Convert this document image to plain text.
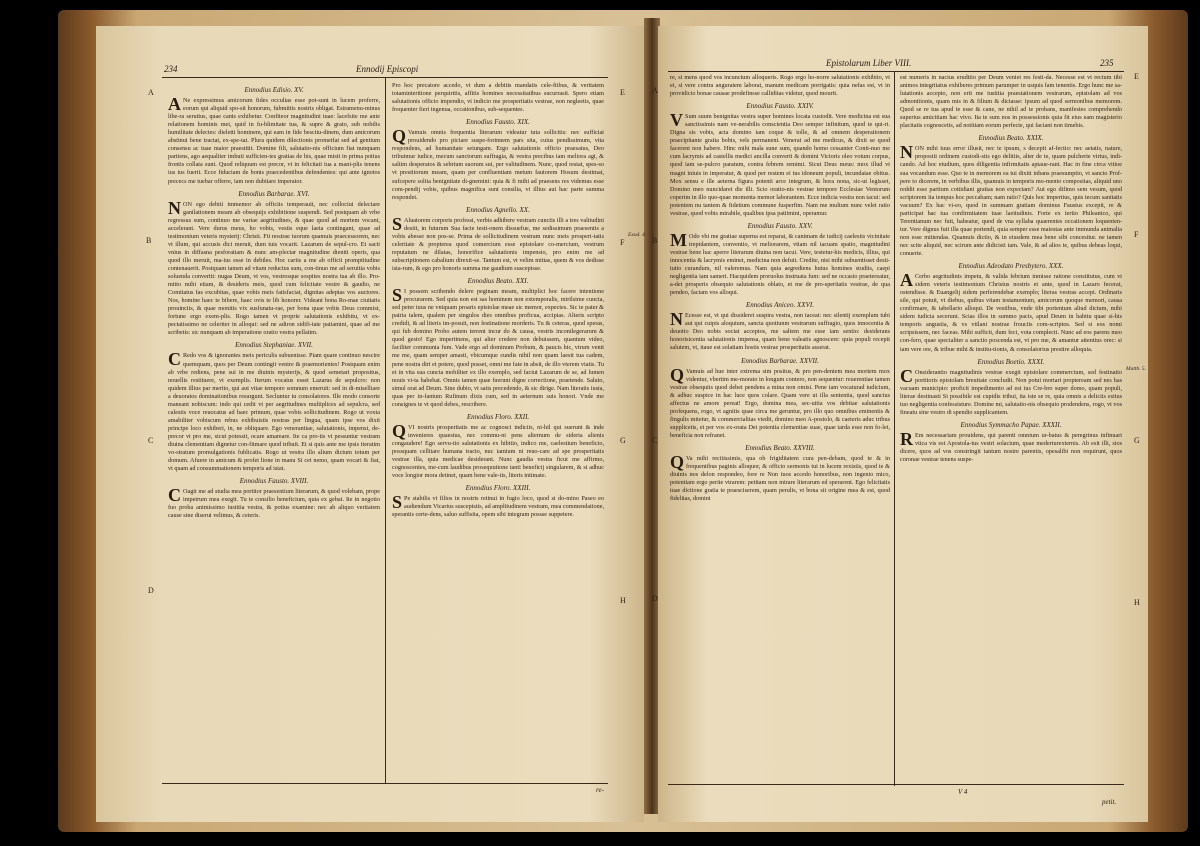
234	Ennodij Episcopi
re-
A
B
C
D
E
F
G
H

Ennodius Edisio. XV.

A Ne expressimus amicorum fides occultas esse pot-sunt in lucem proferre, eorum qui aliquid spo-sit honorum, fubmittis nostris obligat. Estramenu-minus libe-ra seruitus, quae cants exhibetur. Confiteor magnitudini tuae: lacefsite me ante relationem hominis mei, quid in fu-blimitate tua, & supre & grato, sub nobilis humilitate delectes: dieletti hominem, qui eam in fide bescitu-dinem, dum amicorum abstinui bene tractat, ex-spe-tat. Plura quidem dilectionis prometfat sed ad gentium consensu ac tuae maior praestitit. Domine fili, salutatio-nis officium fiat nunquam partiens, ago aequaliter imbuti sufficien-tes gratias de his, quae misti in prima potius frontis collata sunt. Quod reliquum est precor, vt in felicitati tua a mani-plis tenens ius ius fuerit. Ecce fiduciam de bonis praecedentibus defendentes: qui ante ignotos prececs me tuebar offerre, iam non dubitare imperator.

Ennodius Barbarae. XVI.

NON ego debiti immemor ab officiis temperauit, nec collociui delectare ganilationem meam ab obsequijs exhibitione suspendi. Sed postquam ab vrbe regressus sum, continuo me variae aegritudines, & quae quod ad mortem vocant, accelerant. Vere durus meus, ho vobis, vestis eque laeta contingant, quae ad testimonium veteris mysterij: Christi. Fit nostrae tuorum quamuis praecessorem, nec vt illum, qui accusis dici meruit, dum tuis vocarit. Lazarum de sepul-cro. Et sacti vnius in diffasna pesforatiam & nunc am-plectar magnitudine dieniti operis, qua quod illo meruit, ma-ius esse in debiles. Hoc cariis a me ab officii promptitudine contenauerit. Postquam tamen ad vitam reductus sum, con-tinuo me ad seruitia vobis soluenda convertit: nugas Deum, vt vos, vestrosque sospites nostra tua ab illo. Pro-mitto mihi etiam, & desideris meis, quod cum felicitate vestre & gaudio, ne Comitatus fas excubitas, quae vobis meis fatisfaciat, dignitas adeptas vos auctores. Nos, homine haec te bibere, haec ovis te lib honorer. Videant bona Ro-mae ciuitatis prouinciis, & quae monitis vix susfunatu-rae, per bona quae vobis Deus commist, fortune ergo exem-plis. Rogo tamen vt proprie salutationis exhibitu, vt ex-pectatissimo ne celeriter in alloqui: sed ne adiron sidifi-tate patiamini, quae ad me scribetis: sic nunquam ab imperatione oratio vestra pellatim.

Ennodius Stephaniae. XVII.

C Redo vos & ignorantes meis periculis subuenisse. Piam quare continuo nescire quemquam, quos per Deum contingit venire & praemorientes! Postquam enim ab vrbe rediens, pene sui in me diuinis mysterijs, & quod semetari propositus, nouellis restituere, vt exemplis. Iterum vocatus esset Lazarus de sepulcro: non quidem illius par merito, qui aut vitae tempore somnum emeruit: sed in di-miselliare a deuoratos dominationibus resurgunt. Secluntur tu consolatores. Ille modo consorte maneant nobiscum: indo qui cedit vt per aegritudines multiplices ad sepulcra, sed calestis voce reuocatus ad haec primum, quae vobis sollicitudinem. Rogo ut voxta amabiliter vobiscum rebus exhibuistis nostras per lingua, quam ipse vos dixit principe loco exhiberi, in, ne obliquare. Ego venerantiae, salutationis, impensi, de-precor vt pro me, sicut potessit, ocare amareare. Ite ca pro-tis vt pessuntur vestram diuina clementiam dignetur con-fitmare quod tribuit. Et si quis ante me ipsis iteratim vo-stratum promulgationis fublicatis. Rogo ut vestra illo alium dictum totum per domum. Afuere in amicum & profet lione in manu Si cet nemo, quam vocari & fiat, vt quam ad consummationem temporis ad istat.

Ennodius Fausto. XVIII.

C Oagit me ad studia mea portitor praesentium literarum, & quod volebam, prope impetrum mea exegit. Tu te consilio beneficium, quia ex gebat. Ite in negotio fuo proba animissimo iustitia vestra, & potius examine: nec ab aliquo veritatem cause sine diserui velimus, & ceteris.

Pro hoc precatore accedo, vt dum a debitis mandatis cele-ftibus, & veritatem totaminteritione perquiritis, affitis homines necessitatibus sucurrasit. Spero etiam salutationis officio impendio, vt indicio me prosperitatis vestrae, non negleetis, quae frequenter fieri ingenua, occationibus, sub-sequentes.

Ennodius Fausto. XIX.

Q Vamuis omnis frequentia literarum videatur tuta sollicitis: nec sufficiat prouidendo pro piciare suspe-forinnem pars sita, cuius pendissimum, vita respondens, ad humanitate seiungam. Ergo salutationis officio praesatus, Deo tribuimur iudice, mecum sanctorum suffragia, & vestra precibus iam meliora agi, & saltim desperatos & sebrium suorum sui, per valitudinem. Nunc, quod restat, spes-so vt prestitorum meam, quam per confluentiam metum fautorem Hosum destimat, sufcepere solita benignitate di-gnemini: quia & fi mihi ad praesens res videmus esse com-pendij vobis, quibus magnifica sunt consilia, vi illius aut hac parte summa respondet.

Ennodius Agnello. XX.

S Aluatorem corporis professi, verbis adhibere vestram cunctis illi a tres valitudini desiit, in futurum Sua facte testi-onem dissuefue, me sedissimum praesentis a vobis abesse non pos-se. Prima de sollicitudinem vestram nunc meis prosperi-tatis celeritate & propterea quod comercium esse epistolare co-mercium, vestrum reputatum ne dilatas, honorifice salutationis impensio, pro enim me ad subscriptionem cabalium direxit-se. Tantum est, vt velim mittas, quem & vos dedisse ista-rum, & ego pro honoris summa me gaudium suscepisse.

Ennodius Beato. XXI.

S I possem scribendo delere peginam meam, multiplici hoc facere intentione procurarem. Sed quia non est sas hominem non extemporalis, mirilsime cuncta, sed peter tuus ne vniquam proaris epistolae meae sic memor, expectes. Sic te pater & patria talem, qualem per singulos dies omnibus proficua, accipias. Alteris scripto credidi, & ad literis im-posuit, non festinatione morderis. Tu & ceteras, quod speras, qui fub domino Probo autem terrent incur do & causa, vestris incontlegerarum & quod gesto! Ego impertinens, qui alter credere non debuissem, quantum video, faciliter communia fum. Vade ergo ad dominum Probum, & paucis hic, vtrum venit me me, quam semper amasti, vbicumque cundis nihil non quam laesit tua cadem, pene nostra diri et potere, quod posset, omni me fate in absit, de illo vterem viatis. Tu et in vita sua cuncta mobiliter ex illo exemplo, sed faciut Lazarum de se, ad lumen nouis vi-ta habebat. Omnis tamen quae fuerunt digne correctione, praetende. Saluto, simul orat ad Deum. Sine dubio, vt satis precedendo, & sic dirige. Nam literatis iusta, quas per in-fantum Rufinum dixis cum, sed in aeternum suis honori. Vnde me consignes te vt quod debes, rescribere.

Ennodius Floro. XXII.

QVI nostris prosperitatis me ac cognosci indiciis, ni-hil qui suerunt & inde invenieres quaestus, nec commu-ni pens alternum de sideria alienis congaudere! Ego servu-tio salutationis ex hibitio, indico me, caelestium beneficio, possquam cellitare humana tracto, nuc iamium ni reuo-care ad spe prosperitatis vestrae illa, quia medicae desiderant. Nunc gaudia vestra ficut me affirmo, cognoscentes, me-cum laudibus prosequutione tanti beneficij singularem, & si adhuc voce longior mora detinet, quam bene vale-tis, literis intimate.

Ennodius Floro. XXIII.

S Pe stabilis vt filios in nostris retinui in fugio loco, quod si do-mino Paseo eo audiendum Vicarius suscepistis, ad amplitudinem vestram, mea commendatione, sperantis certe-dens, saluo suffisita, opem sibi integram possse suppetere.

Epistolarum Liber VIII.	235
V 4
petit.
A
B
C
D
E
F
G
H
Exod. 4.
Matth. 5.

re, si mens quod vos incunctum alloqueris. Rogo ergo ho-norre salutationis exhibito, vt ei, si vere contra anguratem laborat, manum medicam porrigatis: quia nefas est, vt in providicio bonae causae prodefinsse calliditas videtur, quod mourit.

Ennodius Fausto. XXIV.

V Sum suum benignitas vestra super homines locata custodit. Vere medicina est sua sanctissimis nam ve-nerabilis conscientia Deo semper infinitum, quod te qui-ri. Digna sis vobis, acta domino iam coque & tolle, & ad omnem desperationem praecipitante gratia bobis, vels permanent. Venerat ad me medicus, & dixit se quod facerent non habere. Hinc mihi mala sune sum, quando homo cessanter Conti-nuo me cum lacrymis ad castellis medici ancilla converti & domini Victoris oleo votum corpus, quod iam se-pulcro paratum, contra febrem remimi. Sicut Deus meus: mox illud vt magni iniuis in imperatur, & quod per restem ei tus idoneum populi, incundatae obitus. Mox sensu e ille aeterna figura potenti arce integrum, & hora nona, sic-ut legisset, Domino meo nuncidaret die illi. Scio oratio-nis vestrae tempore Ecclesiae Ventorum coperim in illo quo-quae momenta memor laborantem. Ecce indicia vestra non tacui: sed potentem nu tantem & fidetium commune fusperfim. Nam me multum nunc velet ratio vestrae, quod vobis mirabile, qualibus ipsa patiimini, operamur.

Ennodius Fausto. XXV.

M Odo vbi me gratiae superna est reparat, & canimam de iudicij caelestis vicinitate trepidantem, conventio, vt meliorarem, vtiam nil iacuam spatio, magnitudini vestrae bene hac aperre literarum diuina non tacui. Vere, testetur-his medicis, illius, qui innocentia & lacrymis eminet, medicina non defuit. Credite, nisi mihi subuentisset desti-tutio curandum, nil valeremus. Nam quia aegrediens huius homines studiis, caepi negligentia iam sameri. Hacquidem proruolus instruata fum: sed ne occasio praetereatur, a-det prosperis obsequio salutationis oblato, et me de pro-speritatis vestrae, de qua pendeo, faciam vos alloqui.

Ennodius Aniceo. XXVI.

N Ecesse est, vt qui dissideret suspira vestra, non taceat: nec silentij exemplum tubi aut qui cuipis aloquium, sancta quotiunm vestrarum suffragio, quos innocentia & deuotio Deo nobis sociat acceptos, me saltem me esse iam sentio: desiderans honorisicentia salutationis impensa, quam bene valeatis agnoscere: quia populi recepit salutem, vt, itaue est solatiam hostis vestrae prosperitatis asserat.

Ennodius Barbarae. XXVII.

Q Vamuis ad hue inter extrema sim positus, & pro pen-dentem mea mortem mox videntur, vbertim me-morato in longum contero, non sequentur: reuerentiae tamen vestrae obsequiis quod debet pendens a mina non omisi. Pene iam vocaturad iudicium, & adhuc suspice in hac luce quos colare. Quam vere ut illa sententia, quod sanctus affectus ne amore pereat! Ergo, domina mea, sec-uitia vos debitae salutationis profequens, rogo, vt agnitis quae circa me geruntur, pro illo quo omnibus eminentis & fingulis mitetur, & commercialitas viedit, domino meo A-postolo, & caeteris aduc tribus supplicetis, et per vos ex-orata Dei potentia clementiae suae, quae tarda esse non fo-let, beneficia non refranet.

Ennodius Beato. XXVIII.

Q Va mihi recitissimis, qua ob frigiditatem cura pen-debam, quod te & in frequentibus paginis alloquor, & officio sermonis tui in lucem rexistis, quod te & diuinis nos delon respondeo, fore re Non tuos accedo honoribus, non ingenio mico, potentiam ergo perite vtrarem: petitam non mirare literarum ed sperarent. Ego felicitatis tuae dictione gratia te praesciserem, quam perulis, vt bona sit origine mea & est, quod fidelitas, domini

est numeris in nacius eruditio per Deum veniet res festi-da. Necesse est vt rectum tibi animos integritatus exhiberes primum parumper in usquis fam tenentis. Ergo hunc me sa-lutationis accepto, non erit me iustitia praestationem vestrarum, epistolam ad vos admonitionis, quam mis in & filium & dictasse: ipsum ad quod sermonibus memorem. Quod se re tua apud te esse & cane, ne nihil ad te probans, manifestes comprehendo superius amicitiam hac vivo. Ita te sum nos in possessionis quia fit eius eam magisterio placitatis cognoscetis, ad notitiam eorum perfecte, qui faciant non timebis.

Ennodius Beato. XXIX.

NON mihi tuus error illusit, nec te ipsum, s decepit af-fectio: nec aetatis, nature, propositi ordinem custodi-stis ego delitiis, alter de te, quam pulcherte virtus, indi-cando. Ad hoc etudium, quos diligentia infirmitatis aptaue-rant. Hac in fine circa vitioe sua vocandum esse. Quo te in memorem ea tui dixitt inbans praesumptio, vt sancto Prof-pere to dicerem, in verbibus illis, quamuis in temporis mo-mento compositas, aliquid uno reddit esse partium cottidiani gratias non expectam? Aut ego difimo sem vesum, quod scriptorem ita tempus hoc peccabam; nam ratio? Quis hoc imperitus, quis tecum sanitatis vacuum? Ex hac vi-eo, quod in summam gratiam dominus Faustus excepit, re & participat hac tua confirmitatem tuae laeitudinis. Forte ex tertio Phileanico, qui Terentianum nec fuit, habeatur, quod de vna syllaba quaerentes occationem loquenten-tur. Vere dignus fuit illa quae portendi, quia semper esse maiestas ante immunda animalia non esse mittendas. Quamuis dictio, & in eiusdem mea bene sibi concesitur. ne tamen nec scite aliquid, nec scirum ante didicisti tam. Vale, & ad alios te, quibus debeas loqui, conuerte.

Ennodius Adeodato Presbytero. XXX.

A Cerbo aegritudinis impetu, & valida febrium inmisse ratione constitutus, cum vt sidem veteris testimonium Christus nostris et ante, quod in Lazaro fecerat, ostendisse. & Euangelij sidem perferendebar exemplo; literas vestras accepi. Ordinaris sile, qui potuit, vt diebus, quibus vitam testamentum, amicorum quoque memori, causa confirmare, & tabellario alloqui. De vestibus, vnde tibi portentum aliud dictum, mihi sidem iudicia secerunt. Scias illos in summo pacis, apud Deum in habitu quae si-his temporis angustia, & vs vtilani nostrae frouciis com-scriptos. Sed si eos nomi scripsissem, nec faceas. Mihi sufficit, dum feci, vota complecti. Nunc ad eos parens meo con-fero, quae specialiter a sanctio poscenda est, vt pro me, & amantur attentius orec: si iam vere ore, & tribue mihi & institu-tionis, & consolatorius prestire alloquia.

Ennodius Boetio. XXXI.

C Onsiderantio magnitudinis vestrae exegit epistolare commercium, sed festinatio portitoris epistolam breuitate concludit. Non potui mortari propteream sed nes has vacuam municipio: proficit impedimento ad est ius Cre-bro super domo, quam populi, literae destinasti Si possibile est cupidis tribui, ita iste se re, quia omnis a deliciis esitus tuo negligentia confessisture. Domine mi, salutatio-nis obsequio prodendens, rogo, vt vos fineatu sine vestro di spendio supplicantem.

Ennodius Symmacho Papae. XXXII.

R Em necessariam prouidens, qui parenti omnium ur-batus & peregrinus infinuari vtica vis est Apostola-tus vestri solacium, quae mederturexternis. Ab esit illi, sios dicere, quos ad vos constringit tantum nostre parentis, opesalibi non requirunt, quos coronae vestrae tenens suspe-
